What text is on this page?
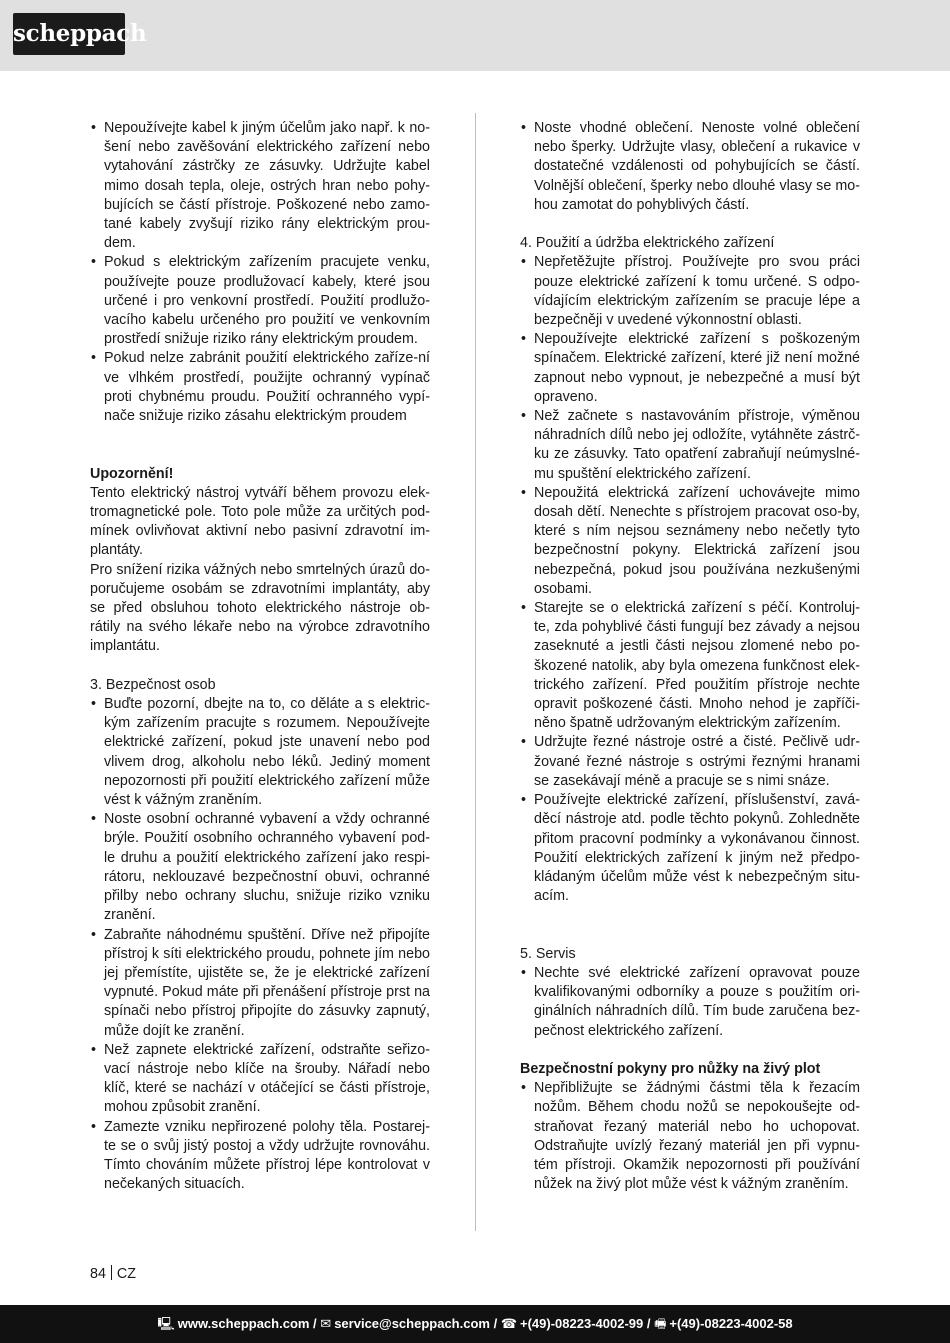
scheppach
• Nepoužívejte kabel k jiným účelům jako např. k no-šení nebo zavěšování elektrického zařízení nebo vytahování zástrčky ze zásuvky. Udržujte kabel mimo dosah tepla, oleje, ostrých hran nebo pohy-bujících se částí přístroje. Poškozené nebo zamo-tané kabely zvyšují riziko rány elektrickým prou-dem.
• Pokud s elektrickým zařízením pracujete venku, používejte pouze prodlužovací kabely, které jsou určené i pro venkovní prostředí. Použití prodlužo-vacího kabelu určeného pro použití ve venkovním prostředí snižuje riziko rány elektrickým proudem.
• Pokud nelze zabránit použití elektrického zaříze-ní ve vlhkém prostředí, použijte ochranný vypínač proti chybnému proudu. Použití ochranného vypí-nače snižuje riziko zásahu elektrickým proudem

Upozornění!

Tento elektrický nástroj vytváří během provozu elek-tromagnetické pole. Toto pole může za určitých pod-mínek ovlivňovat aktivní nebo pasivní zdravotní im-plantáty.

Pro snížení rizika vážných nebo smrtelných úrazů do-poručujeme osobám se zdravotními implantáty, aby se před obsluhou tohoto elektrického nástroje ob-rátily na svého lékaře nebo na výrobce zdravotního implantátu.

3. Bezpečnost osob

• Buďte pozorní, dbejte na to, co děláte a s elektric-kým zařízením pracujte s rozumem. Nepoužívejte elektrické zařízení, pokud jste unavení nebo pod vlivem drog, alkoholu nebo léků. Jediný moment nepozornosti při použití elektrického zařízení může vést k vážným zraněním.
• Noste osobní ochranné vybavení a vždy ochranné brýle. Použití osobního ochranného vybavení pod-le druhu a použití elektrického zařízení jako respi-rátoru, neklouzavé bezpečnostní obuvi, ochranné přilby nebo ochrany sluchu, snižuje riziko vzniku zranění.
• Zabraňte náhodnému spuštění. Dříve než připojíte přístroj k síti elektrického proudu, pohnete jím nebo jej přemístíte, ujistěte se, že je elektrické zařízení vypnuté. Pokud máte při přenášení přístroje prst na spínači nebo přístroj připojíte do zásuvky zapnutý, může dojít ke zranění.
• Než zapnete elektrické zařízení, odstraňte seřizo-vací nástroje nebo klíče na šrouby. Nářadí nebo klíč, které se nachází v otáčející se části přístroje, mohou způsobit zranění.
• Zamezte vzniku nepřirozené polohy těla. Postarej-te se o svůj jistý postoj a vždy udržujte rovnováhu. Tímto chováním můžete přístroj lépe kontrolovat v nečekaných situacích.
• Noste vhodné oblečení. Nenoste volné oblečení nebo šperky. Udržujte vlasy, oblečení a rukavice v dostatečné vzdálenosti od pohybujících se částí. Volnější oblečení, šperky nebo dlouhé vlasy se mo-hou zamotat do pohyblivých částí.

4. Použití a údržba elektrického zařízení

• Nepřetěžujte přístroj. Používejte pro svou práci pouze elektrické zařízení k tomu určené. S odpo-vídajícím elektrickým zařízením se pracuje lépe a bezpečněji v uvedené výkonnostní oblasti.
• Nepoužívejte elektrické zařízení s poškozeným spínačem. Elektrické zařízení, které již není možné zapnout nebo vypnout, je nebezpečné a musí být opraveno.
• Než začnete s nastavováním přístroje, výměnou náhradních dílů nebo jej odložíte, vytáhněte zástrč-ku ze zásuvky. Tato opatření zabraňují neúmyslné-mu spuštění elektrického zařízení.
• Nepoužitá elektrická zařízení uchovávejte mimo dosah dětí. Nenechte s přístrojem pracovat oso-by, které s ním nejsou seznámeny nebo nečetly tyto bezpečnostní pokyny. Elektrická zařízení jsou nebezpečná, pokud jsou používána nezkušenými osobami.
• Starejte se o elektrická zařízení s péčí. Kontroluj-te, zda pohyblivé části fungují bez závady a nejsou zaseknuté a jestli části nejsou zlomené nebo po-škozené natolik, aby byla omezena funkčnost elek-trického zařízení. Před použitím přístroje nechte opravit poškozené části. Mnoho nehod je zapříči-něno špatně udržovaným elektrickým zařízením.
• Udržujte řezné nástroje ostré a čisté. Pečlivě udr-žované řezné nástroje s ostrými řeznými hranami se zasekávají méně a pracuje se s nimi snáze.
• Používejte elektrické zařízení, příslušenství, zavá-děcí nástroje atd. podle těchto pokynů. Zohledněte přitom pracovní podmínky a vykonávanou činnost. Použití elektrických zařízení k jiným než předpo-kládaným účelům může vést k nebezpečným situ-acím.

5. Servis

• Nechte své elektrické zařízení opravovat pouze kvalifikovanými odborníky a pouze s použitím ori-ginálních náhradních dílů. Tím bude zaručena bez-pečnost elektrického zařízení.

Bezpečnostní pokyny pro nůžky na živý plot

• Nepřibližujte se žádnými částmi těla k řezacím nožům. Během chodu nožů se nepokoušejte od-straňovat řezaný materiál nebo ho uchopovat. Odstraňujte uvízlý řezaný materiál jen při vypnu-tém přístroji. Okamžik nepozornosti při používání nůžek na živý plot může vést k vážným zraněním.
84 CZ
🖳 www.scheppach.com / ✉ service@scheppach.com / ☎ +(49)-08223-4002-99 / 🖷 +(49)-08223-4002-58
